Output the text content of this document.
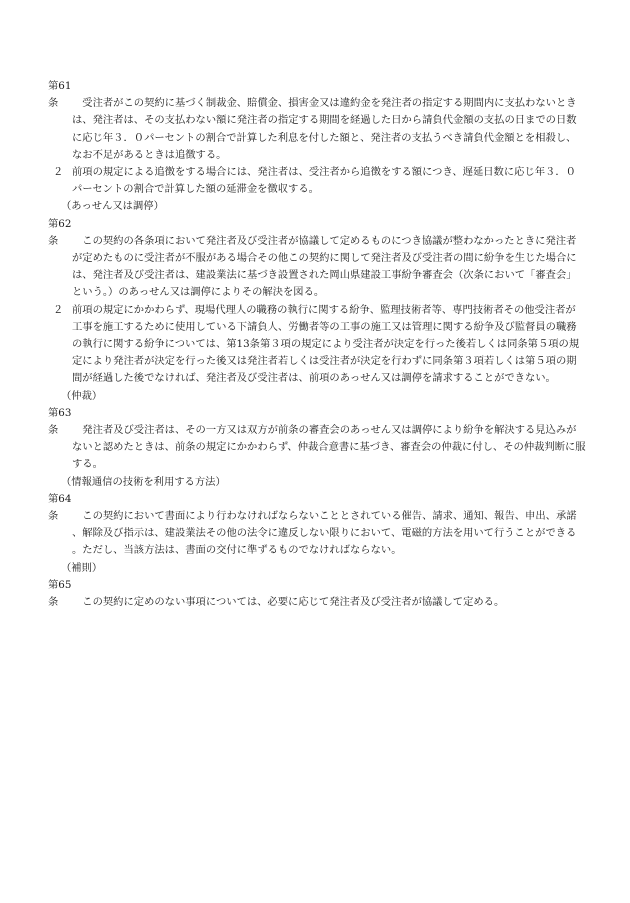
第61条　受注者がこの契約に基づく制裁金、賠償金、損害金又は違約金を発注者の指定する期間内に支払わないときは、発注者は、その支払わない額に発注者の指定する期間を経過した日から請負代金額の支払の日までの日数に応じ年３．０パーセントの割合で計算した利息を付した額と、発注者の支払うべき請負代金額とを相殺し、なお不足があるときは追徴する。

２ 前項の規定による追徴をする場合には、発注者は、受注者から追徴をする額につき、遅延日数に応じ年３．０パーセントの割合で計算した額の延滞金を徴収する。

（あっせん又は調停）

第62条　この契約の各条項において発注者及び受注者が協議して定めるものにつき協議が整わなかったときに発注者が定めたものに受注者が不服がある場合その他この契約に関して発注者及び受注者の間に紛争を生じた場合には、発注者及び受注者は、建設業法に基づき設置された岡山県建設工事紛争審査会（次条において「審査会」という。）のあっせん又は調停によりその解決を図る。

２ 前項の規定にかかわらず、現場代理人の職務の執行に関する紛争、監理技術者等、専門技術者その他受注者が工事を施工するために使用している下請負人、労働者等の工事の施工又は管理に関する紛争及び監督員の職務の執行に関する紛争については、第13条第３項の規定により受注者が決定を行った後若しくは同条第５項の規定により発注者が決定を行った後又は発注者若しくは受注者が決定を行わずに同条第３項若しくは第５項の期間が経過した後でなければ、発注者及び受注者は、前項のあっせん又は調停を請求することができない。

（仲裁）

第63条　発注者及び受注者は、その一方又は双方が前条の審査会のあっせん又は調停により紛争を解決する見込みがないと認めたときは、前条の規定にかかわらず、仲裁合意書に基づき、審査会の仲裁に付し、その仲裁判断に服する。

（情報通信の技術を利用する方法）

第64条　この契約において書面により行わなければならないこととされている催告、請求、通知、報告、申出、承諾、解除及び指示は、建設業法その他の法令に違反しない限りにおいて、電磁的方法を用いて行うことができる。ただし、当該方法は、書面の交付に準ずるものでなければならない。

（補則）

第65条　この契約に定めのない事項については、必要に応じて発注者及び受注者が協議して定める。
